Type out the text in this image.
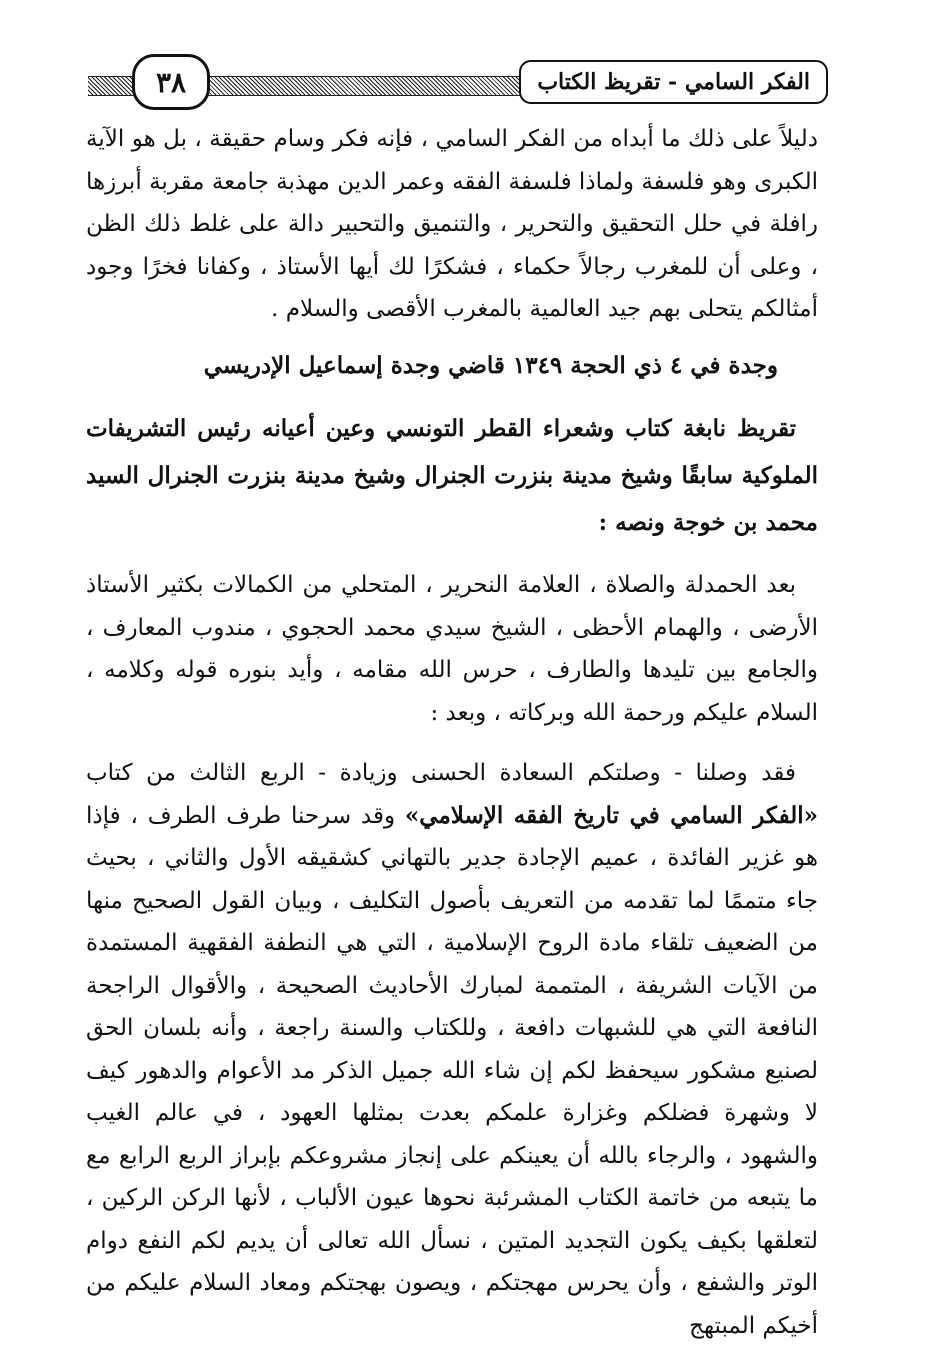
الفكر السامي - تقريظ الكتاب
٣٨

دليلاً على ذلك ما أبداه من الفكر السامي ، فإنه فكر وسام حقيقة ، بل هو الآية الكبرى وهو فلسفة ولماذا فلسفة الفقه وعمر الدين مهذبة جامعة مقربة أبرزها رافلة في حلل التحقيق والتحرير ، والتنميق والتحبير دالة على غلط ذلك الظن ، وعلى أن للمغرب رجالاً حكماء ، فشكرًا لك أيها الأستاذ ، وكفانا فخرًا وجود أمثالكم يتحلى بهم جيد العالمية بالمغرب الأقصى والسلام .

وجدة في ٤ ذي الحجة ١٣٤٩ قاضي وجدة إسماعيل الإدريسي

تقريظ نابغة كتاب وشعراء القطر التونسي وعين أعيانه رئيس التشريفات الملوكية سابقًا وشيخ مدينة بنزرت الجنرال وشيخ مدينة بنزرت الجنرال السيد محمد بن خوجة ونصه :

بعد الحمدلة والصلاة ، العلامة النحرير ، المتحلي من الكمالات بكثير الأستاذ الأرضى ، والهمام الأحظى ، الشيخ سيدي محمد الحجوي ، مندوب المعارف ، والجامع بين تليدها والطارف ، حرس الله مقامه ، وأيد بنوره قوله وكلامه ، السلام عليكم ورحمة الله وبركاته ، وبعد :

فقد وصلنا - وصلتكم السعادة الحسنى وزيادة - الربع الثالث من كتاب «الفكر السامي في تاريخ الفقه الإسلامي» وقد سرحنا طرف الطرف ، فإذا هو غزير الفائدة ، عميم الإجادة جدير بالتهاني كشقيقه الأول والثاني ، بحيث جاء متممًا لما تقدمه من التعريف بأصول التكليف ، وبيان القول الصحيح منها من الضعيف تلقاء مادة الروح الإسلامية ، التي هي النطفة الفقهية المستمدة من الآيات الشريفة ، المتممة لمبارك الأحاديث الصحيحة ، والأقوال الراجحة النافعة التي هي للشبهات دافعة ، وللكتاب والسنة راجعة ، وأنه بلسان الحق لصنيع مشكور سيحفظ لكم إن شاء الله جميل الذكر مد الأعوام والدهور كيف لا وشهرة فضلكم وغزارة علمكم بعدت بمثلها العهود ، في عالم الغيب والشهود ، والرجاء بالله أن يعينكم على إنجاز مشروعكم بإبراز الربع الرابع مع ما يتبعه من خاتمة الكتاب المشرئبة نحوها عيون الألباب ، لأنها الركن الركين ، لتعلقها بكيف يكون التجديد المتين ، نسأل الله تعالى أن يديم لكم النفع دوام الوتر والشفع ، وأن يحرس مهجتكم ، ويصون بهجتكم ومعاد السلام عليكم من أخيكم المبتهج
